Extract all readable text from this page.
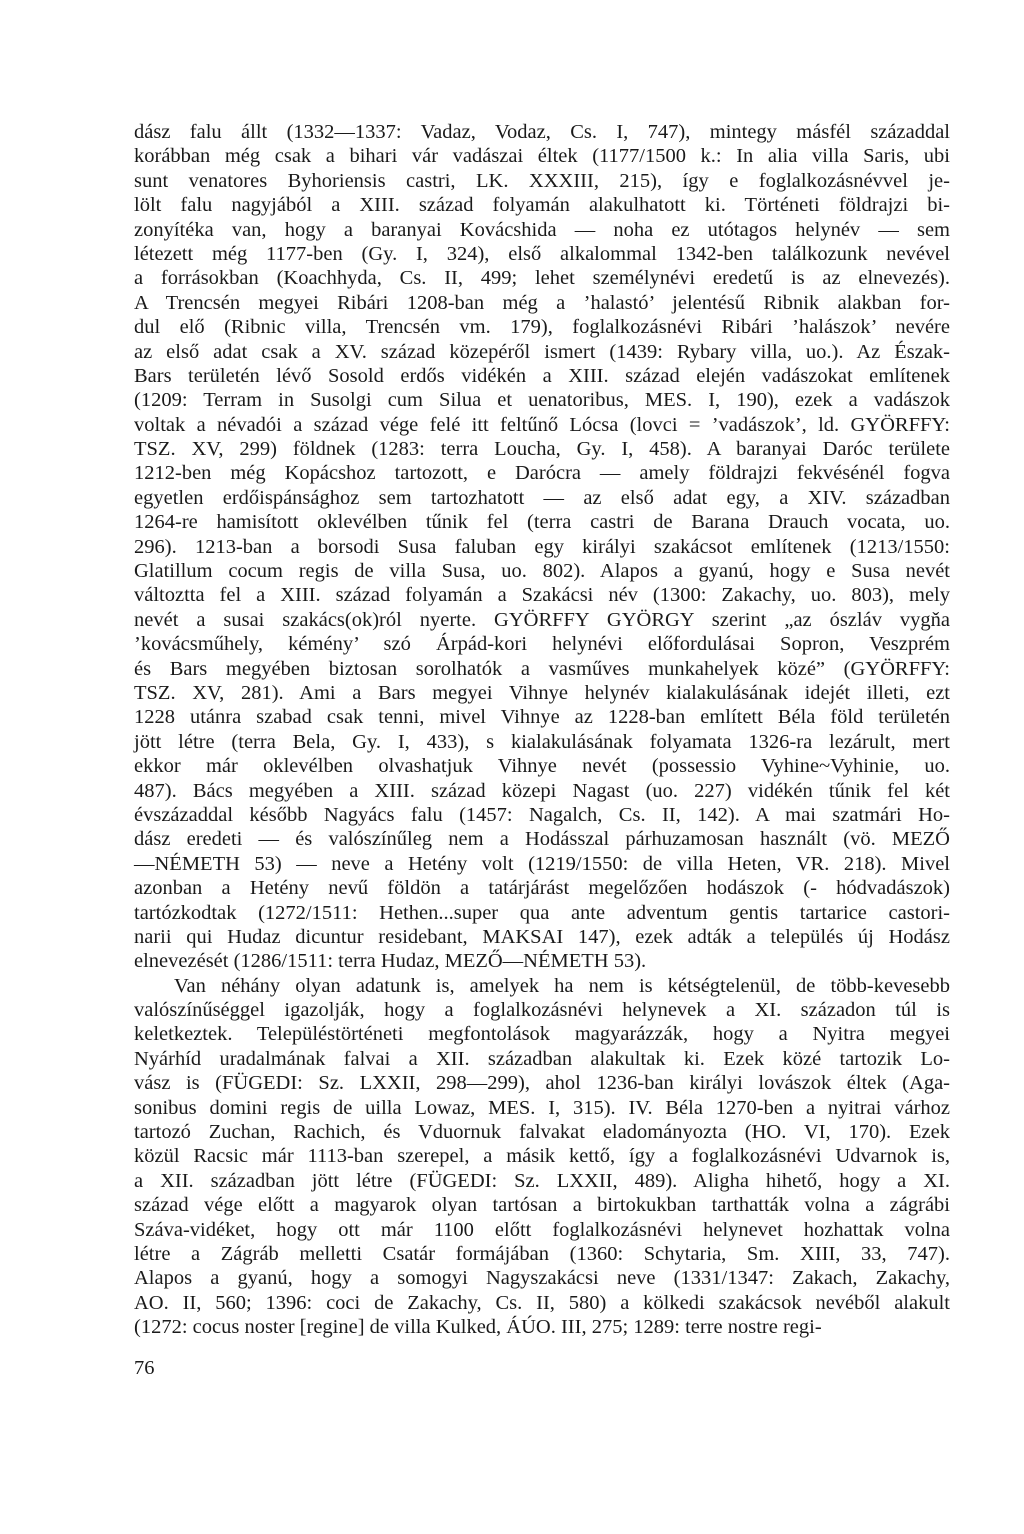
dász falu állt (1332—1337: Vadaz, Vodaz, Cs. I, 747), mintegy másfél századdal
korábban még csak a bihari vár vadászai éltek (1177/1500 k.: In alia villa Saris, ubi
sunt venatores Byhoriensis castri, LK. XXXIII, 215), így e foglalkozásnévvel je-
lölt falu nagyjából a XIII. század folyamán alakulhatott ki. Történeti földrajzi bi-
zonyítéka van, hogy a baranyai Kovácshida — noha ez utótagos helynév — sem
létezett még 1177-ben (Gy. I, 324), első alkalommal 1342-ben találkozunk nevével
a forrásokban (Koachhyda, Cs. II, 499; lehet személynévi eredetű is az elnevezés).
A Trencsén megyei Ribári 1208-ban még a ’halastó’ jelentésű Ribnik alakban for-
dul elő (Ribnic villa, Trencsén vm. 179), foglalkozásnévi Ribári ’halászok’ nevére
az első adat csak a XV. század közepéről ismert (1439: Rybary villa, uo.). Az Észak-
Bars területén lévő Sosold erdős vidékén a XIII. század elején vadászokat említenek
(1209: Terram in Susolgi cum Silua et uenatoribus, MES. I, 190), ezek a vadászok
voltak a névadói a század vége felé itt feltűnő Lócsa (lovci = ’vadászok’, ld. GYÖRFFY:
TSZ. XV, 299) földnek (1283: terra Loucha, Gy. I, 458). A baranyai Daróc területe
1212-ben még Kopácshoz tartozott, e Darócra — amely földrajzi fekvésénél fogva
egyetlen erdőispánsághoz sem tartozhatott — az első adat egy, a XIV. században
1264-re hamisított oklevélben tűnik fel (terra castri de Barana Drauch vocata, uo.
296). 1213-ban a borsodi Susa faluban egy királyi szakácsot említenek (1213/1550:
Glatillum cocum regis de villa Susa, uo. 802). Alapos a gyanú, hogy e Susa nevét
változtta fel a XIII. század folyamán a Szakácsi név (1300: Zakachy, uo. 803), mely
nevét a susai szakács(ok)ról nyerte. GYÖRFFY GYÖRGY szerint „az ószláv vygňa
’kovácsműhely, kémény’ szó Árpád-kori helynévi előfordulásai Sopron, Veszprém
és Bars megyében biztosan sorolhatók a vasműves munkahelyek közé” (GYÖRFFY:
TSZ. XV, 281). Ami a Bars megyei Vihnye helynév kialakulásának idejét illeti, ezt
1228 utánra szabad csak tenni, mivel Vihnye az 1228-ban említett Béla föld területén
jött létre (terra Bela, Gy. I, 433), s kialakulásának folyamata 1326-ra lezárult, mert
ekkor már oklevélben olvashatjuk Vihnye nevét (possessio Vyhine~Vyhinie, uo.
487). Bács megyében a XIII. század közepi Nagast (uo. 227) vidékén tűnik fel két
évszázaddal később Nagyács falu (1457: Nagalch, Cs. II, 142). A mai szatmári Ho-
dász eredeti — és valószínűleg nem a Hodásszal párhuzamosan használt (vö. MEZŐ
—NÉMETH 53) — neve a Hetény volt (1219/1550: de villa Heten, VR. 218). Mivel
azonban a Hetény nevű földön a tatárjárást megelőzően hodászok (- hódvadászok)
tartózkodtak (1272/1511: Hethen...super qua ante adventum gentis tartarice castori-
narii qui Hudaz dicuntur residebant, MAKSAI 147), ezek adták a település új Hodász
elnevezését (1286/1511: terra Hudaz, MEZŐ—NÉMETH 53).
Van néhány olyan adatunk is, amelyek ha nem is kétségtelenül, de több-kevesebb
valószínűséggel igazolják, hogy a foglalkozásnévi helynevek a XI. századon túl is
keletkeztek. Településtörténeti megfontolások magyarázzák, hogy a Nyitra megyei
Nyárhíd uradalmának falvai a XII. században alakultak ki. Ezek közé tartozik Lo-
vász is (FÜGEDI: Sz. LXXII, 298—299), ahol 1236-ban királyi lovászok éltek (Aga-
sonibus domini regis de uilla Lowaz, MES. I, 315). IV. Béla 1270-ben a nyitrai várhoz
tartozó Zuchan, Rachich, és Vduornuk falvakat eladományozta (HO. VI, 170). Ezek
közül Racsic már 1113-ban szerepel, a másik kettő, így a foglalkozásnévi Udvarnok is,
a XII. században jött létre (FÜGEDI: Sz. LXXII, 489). Aligha hihető, hogy a XI.
század vége előtt a magyarok olyan tartósan a birtokukban tarthatták volna a zágrábi
Száva-vidéket, hogy ott már 1100 előtt foglalkozásnévi helynevet hozhattak volna
létre a Zágráb melletti Csatár formájában (1360: Schytaria, Sm. XIII, 33, 747).
Alapos a gyanú, hogy a somogyi Nagyszakácsi neve (1331/1347: Zakach, Zakachy,
AO. II, 560; 1396: coci de Zakachy, Cs. II, 580) a kölkedi szakácsok nevéből alakult
(1272: cocus noster [regine] de villa Kulked, ÁÚO. III, 275; 1289: terre nostre regi-
76
